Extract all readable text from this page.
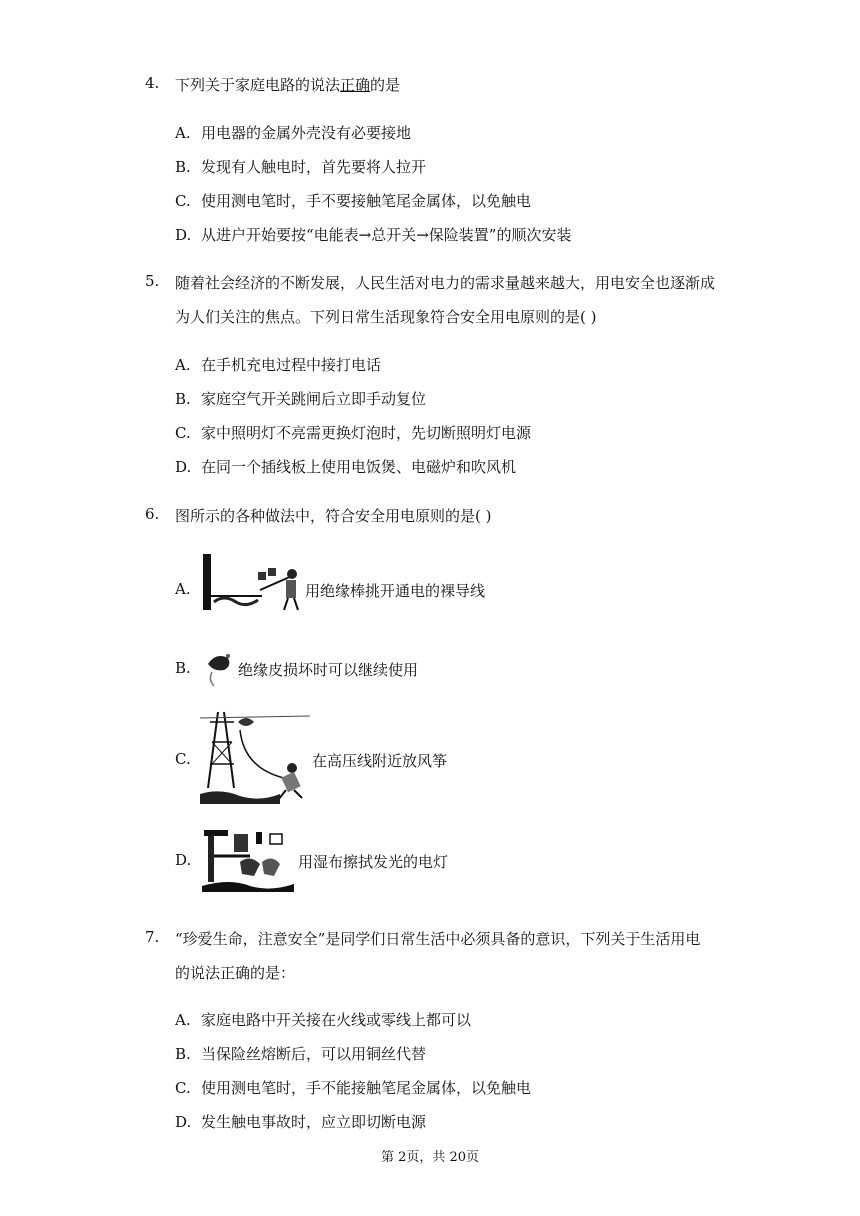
4. 下列关于家庭电路的说法正确的是
A. 用电器的金属外壳没有必要接地
B. 发现有人触电时，首先要将人拉开
C. 使用测电笔时，手不要接触笔尾金属体，以免触电
D. 从进户开始要按“电能表→总开关→保险装置”的顺次安装
5. 随着社会经济的不断发展，人民生活对电力的需求量越来越大，用电安全也逐渐成
为人们关注的焦点。下列日常生活现象符合安全用电原则的是( )
A. 在手机充电过程中接打电话
B. 家庭空气开关跳闸后立即手动复位
C. 家中照明灯不亮需更换灯泡时，先切断照明灯电源
D. 在同一个插线板上使用电饭煲、电磁炉和吹风机
6. 图所示的各种做法中，符合安全用电原则的是( )
A.	用绝缘棒挑开通电的裸导线
B.	绝缘皮损坏时可以继续使用
C.	在高压线附近放风筝
D.	用湿布擦拭发光的电灯
7. “珍爱生命，注意安全”是同学们日常生活中必须具备的意识，下列关于生活用电
的说法正确的是：
A. 家庭电路中开关接在火线或零线上都可以
B. 当保险丝熔断后，可以用铜丝代替
C. 使用测电笔时，手不能接触笔尾金属体，以免触电
D. 发生触电事故时，应立即切断电源
第 2页，共 20页
